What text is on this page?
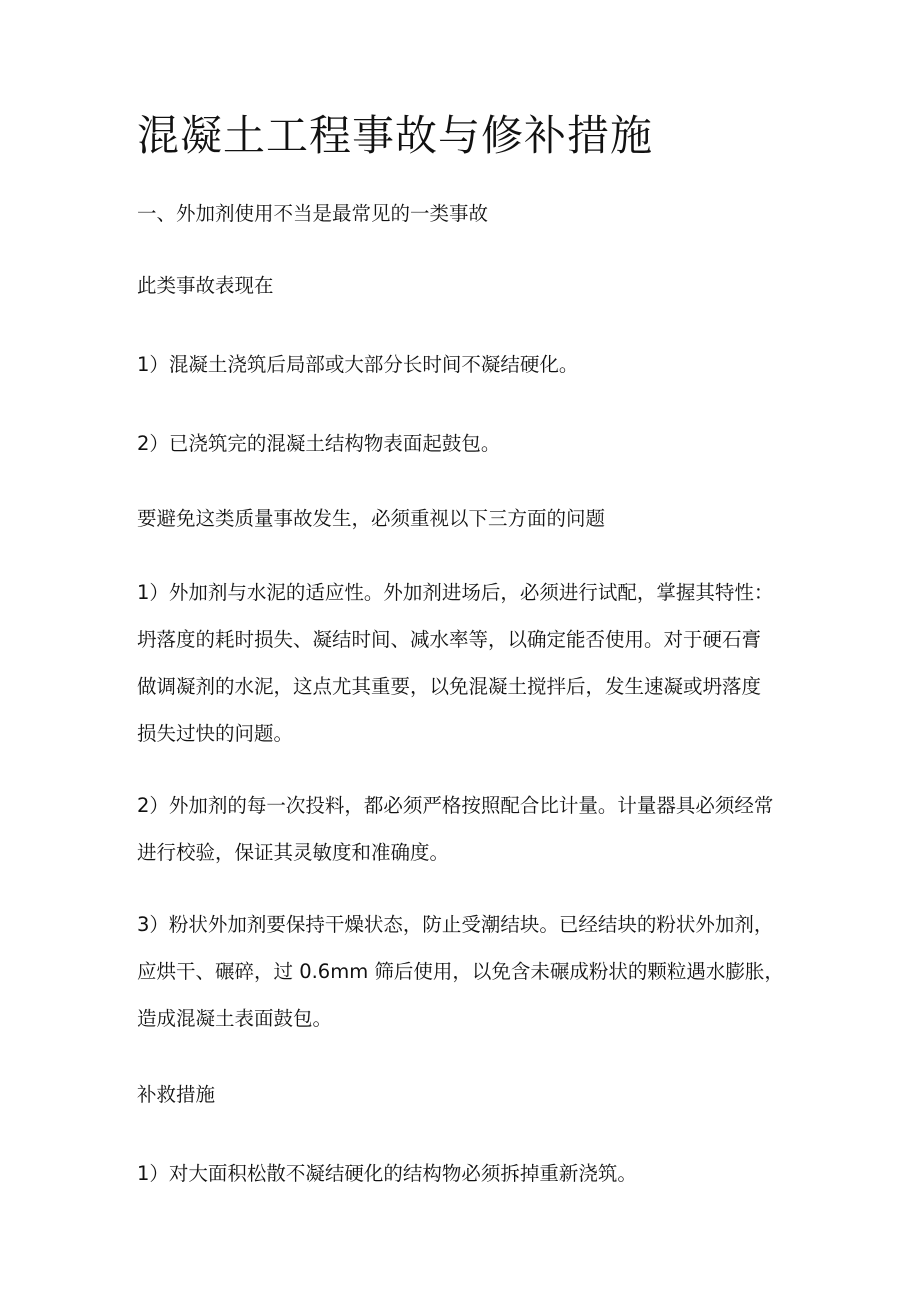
混凝土工程事故与修补措施

一、外加剂使用不当是最常见的一类事故

此类事故表现在

1）混凝土浇筑后局部或大部分长时间不凝结硬化。

2）已浇筑完的混凝土结构物表面起鼓包。

要避免这类质量事故发生，必须重视以下三方面的问题

1）外加剂与水泥的适应性。外加剂进场后，必须进行试配，掌握其特性：
坍落度的耗时损失、凝结时间、减水率等，以确定能否使用。对于硬石膏
做调凝剂的水泥，这点尤其重要，以免混凝土搅拌后，发生速凝或坍落度
损失过快的问题。
2）外加剂的每一次投料，都必须严格按照配合比计量。计量器具必须经常
进行校验，保证其灵敏度和准确度。
3）粉状外加剂要保持干燥状态，防止受潮结块。已经结块的粉状外加剂，
应烘干、碾碎，过 0.6mm 筛后使用，以免含未碾成粉状的颗粒遇水膨胀，
造成混凝土表面鼓包。

补救措施

1）对大面积松散不凝结硬化的结构物必须拆掉重新浇筑。
